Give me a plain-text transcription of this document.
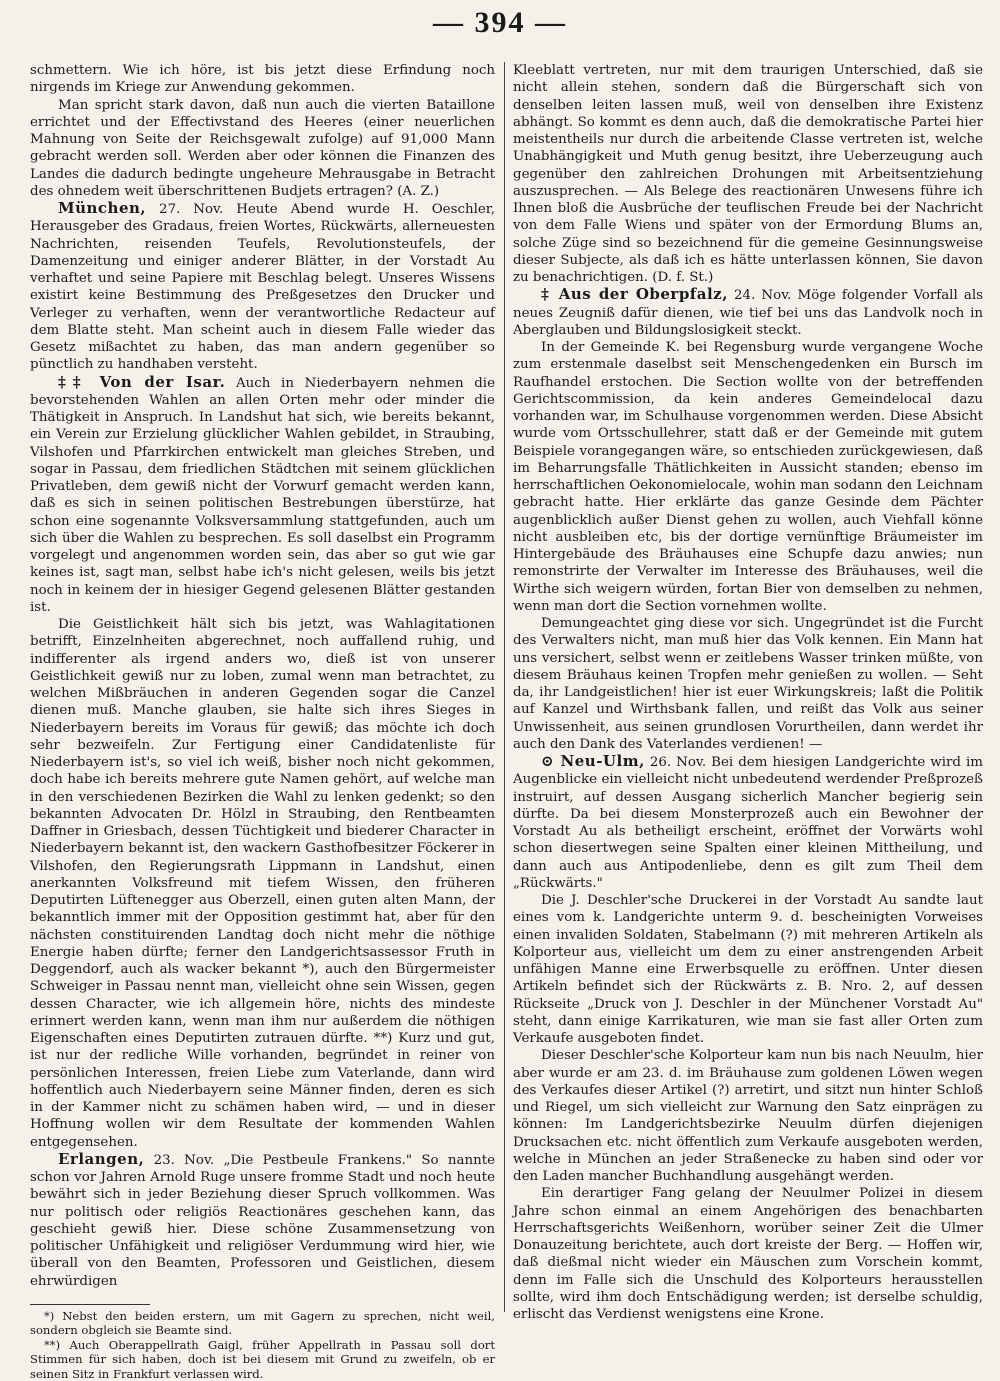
— 394 —

schmettern. Wie ich höre, ist bis jetzt diese Erfindung noch nirgends im Kriege zur Anwendung gekommen.

Man spricht stark davon, daß nun auch die vierten Bataillone errichtet und der Effectivstand des Heeres (einer neuerlichen Mahnung von Seite der Reichsgewalt zufolge) auf 91,000 Mann gebracht werden soll. Werden aber oder können die Finanzen des Landes die dadurch bedingte ungeheure Mehrausgabe in Betracht des ohnedem weit überschrittenen Budjets ertragen? (A. Z.)

München, 27. Nov. Heute Abend wurde H. Oeschler, Herausgeber des Gradaus, freien Wortes, Rückwärts, allerneuesten Nachrichten, reisenden Teufels, Revolutionsteufels, der Damenzeitung und einiger anderer Blätter, in der Vorstadt Au verhaftet und seine Papiere mit Beschlag belegt. Unseres Wissens existirt keine Bestimmung des Preßgesetzes den Drucker und Verleger zu verhaften, wenn der verantwortliche Redacteur auf dem Blatte steht. Man scheint auch in diesem Falle wieder das Gesetz mißachtet zu haben, das man andern gegenüber so pünctlich zu handhaben versteht.

‡‡ Von der Isar. Auch in Niederbayern nehmen die bevorstehenden Wahlen an allen Orten mehr oder minder die Thätigkeit in Anspruch. In Landshut hat sich, wie bereits bekannt, ein Verein zur Erzielung glücklicher Wahlen gebildet, in Straubing, Vilshofen und Pfarrkirchen entwickelt man gleiches Streben, und sogar in Passau, dem friedlichen Städtchen mit seinem glücklichen Privatleben, dem gewiß nicht der Vorwurf gemacht werden kann, daß es sich in seinen politischen Bestrebungen überstürze, hat schon eine sogenannte Volksversammlung stattgefunden, auch um sich über die Wahlen zu besprechen. Es soll daselbst ein Programm vorgelegt und angenommen worden sein, das aber so gut wie gar keines ist, sagt man, selbst habe ich's nicht gelesen, weils bis jetzt noch in keinem der in hiesiger Gegend gelesenen Blätter gestanden ist.

Die Geistlichkeit hält sich bis jetzt, was Wahlagitationen betrifft, Einzelnheiten abgerechnet, noch auffallend ruhig, und indifferenter als irgend anders wo, dieß ist von unserer Geistlichkeit gewiß nur zu loben, zumal wenn man betrachtet, zu welchen Mißbräuchen in anderen Gegenden sogar die Canzel dienen muß. Manche glauben, sie halte sich ihres Sieges in Niederbayern bereits im Voraus für gewiß; das möchte ich doch sehr bezweifeln. Zur Fertigung einer Candidatenliste für Niederbayern ist's, so viel ich weiß, bisher noch nicht gekommen, doch habe ich bereits mehrere gute Namen gehört, auf welche man in den verschiedenen Bezirken die Wahl zu lenken gedenkt; so den bekannten Advocaten Dr. Hölzl in Straubing, den Rentbeamten Daffner in Griesbach, dessen Tüchtigkeit und biederer Character in Niederbayern bekannt ist, den wackern Gasthofbesitzer Föckerer in Vilshofen, den Regierungsrath Lippmann in Landshut, einen anerkannten Volksfreund mit tiefem Wissen, den früheren Deputirten Lüftenegger aus Oberzell, einen guten alten Mann, der bekanntlich immer mit der Opposition gestimmt hat, aber für den nächsten constituirenden Landtag doch nicht mehr die nöthige Energie haben dürfte; ferner den Landgerichtsassessor Fruth in Deggendorf, auch als wacker bekannt *), auch den Bürgermeister Schweiger in Passau nennt man, vielleicht ohne sein Wissen, gegen dessen Character, wie ich allgemein höre, nichts des mindeste erinnert werden kann, wenn man ihm nur außerdem die nöthigen Eigenschaften eines Deputirten zutrauen dürfte. **) Kurz und gut, ist nur der redliche Wille vorhanden, begründet in reiner von persönlichen Interessen, freien Liebe zum Vaterlande, dann wird hoffentlich auch Niederbayern seine Männer finden, deren es sich in der Kammer nicht zu schämen haben wird, — und in dieser Hoffnung wollen wir dem Resultate der kommenden Wahlen entgegensehen.

Erlangen, 23. Nov. „Die Pestbeule Frankens." So nannte schon vor Jahren Arnold Ruge unsere fromme Stadt und noch heute bewährt sich in jeder Beziehung dieser Spruch vollkommen. Was nur politisch oder religiös Reactionäres geschehen kann, das geschieht gewiß hier. Diese schöne Zusammensetzung von politischer Unfähigkeit und religiöser Verdummung wird hier, wie überall von den Beamten, Professoren und Geistlichen, diesem ehrwürdigen

*) Nebst den beiden erstern, um mit Gagern zu sprechen, nicht weil, sondern obgleich sie Beamte sind.

**) Auch Oberappellrath Gaigl, früher Appellrath in Passau soll dort Stimmen für sich haben, doch ist bei diesem mit Grund zu zweifeln, ob er seinen Sitz in Frankfurt verlassen wird.

Kleeblatt vertreten, nur mit dem traurigen Unterschied, daß sie nicht allein stehen, sondern daß die Bürgerschaft sich von denselben leiten lassen muß, weil von denselben ihre Existenz abhängt. So kommt es denn auch, daß die demokratische Partei hier meistentheils nur durch die arbeitende Classe vertreten ist, welche Unabhängigkeit und Muth genug besitzt, ihre Ueberzeugung auch gegenüber den zahlreichen Drohungen mit Arbeitsentziehung auszusprechen. — Als Belege des reactionären Unwesens führe ich Ihnen bloß die Ausbrüche der teuflischen Freude bei der Nachricht von dem Falle Wiens und später von der Ermordung Blums an, solche Züge sind so bezeichnend für die gemeine Gesinnungsweise dieser Subjecte, als daß ich es hätte unterlassen können, Sie davon zu benachrichtigen. (D. f. St.)

‡ Aus der Oberpfalz, 24. Nov. Möge folgender Vorfall als neues Zeugniß dafür dienen, wie tief bei uns das Landvolk noch in Aberglauben und Bildungslosigkeit steckt.

In der Gemeinde K. bei Regensburg wurde vergangene Woche zum erstenmale daselbst seit Menschengedenken ein Bursch im Raufhandel erstochen. Die Section wollte von der betreffenden Gerichtscommission, da kein anderes Gemeindelocal dazu vorhanden war, im Schulhause vorgenommen werden. Diese Absicht wurde vom Ortsschullehrer, statt daß er der Gemeinde mit gutem Beispiele vorangegangen wäre, so entschieden zurückgewiesen, daß im Beharrungsfalle Thätlichkeiten in Aussicht standen; ebenso im herrschaftlichen Oekonomielocale, wohin man sodann den Leichnam gebracht hatte. Hier erklärte das ganze Gesinde dem Pächter augenblicklich außer Dienst gehen zu wollen, auch Viehfall könne nicht ausbleiben etc, bis der dortige vernünftige Bräumeister im Hintergebäude des Bräuhauses eine Schupfe dazu anwies; nun remonstrirte der Verwalter im Interesse des Bräuhauses, weil die Wirthe sich weigern würden, fortan Bier von demselben zu nehmen, wenn man dort die Section vornehmen wollte.

Demungeachtet ging diese vor sich. Ungegründet ist die Furcht des Verwalters nicht, man muß hier das Volk kennen. Ein Mann hat uns versichert, selbst wenn er zeitlebens Wasser trinken müßte, von diesem Bräuhaus keinen Tropfen mehr genießen zu wollen. — Seht da, ihr Landgeistlichen! hier ist euer Wirkungskreis; laßt die Politik auf Kanzel und Wirthsbank fallen, und reißt das Volk aus seiner Unwissenheit, aus seinen grundlosen Vorurtheilen, dann werdet ihr auch den Dank des Vaterlandes verdienen! —

⊙ Neu-Ulm, 26. Nov. Bei dem hiesigen Landgerichte wird im Augenblicke ein vielleicht nicht unbedeutend werdender Preßprozeß instruirt, auf dessen Ausgang sicherlich Mancher begierig sein dürfte. Da bei diesem Monsterprozeß auch ein Bewohner der Vorstadt Au als betheiligt erscheint, eröffnet der Vorwärts wohl schon diesertwegen seine Spalten einer kleinen Mittheilung, und dann auch aus Antipodenliebe, denn es gilt zum Theil dem „Rückwärts."

Die J. Deschler'sche Druckerei in der Vorstadt Au sandte laut eines vom k. Landgerichte unterm 9. d. bescheinigten Vorweises einen invaliden Soldaten, Stabelmann (?) mit mehreren Artikeln als Kolporteur aus, vielleicht um dem zu einer anstrengenden Arbeit unfähigen Manne eine Erwerbsquelle zu eröffnen. Unter diesen Artikeln befindet sich der Rückwärts z. B. Nro. 2, auf dessen Rückseite „Druck von J. Deschler in der Münchener Vorstadt Au" steht, dann einige Karrikaturen, wie man sie fast aller Orten zum Verkaufe ausgeboten findet.

Dieser Deschler'sche Kolporteur kam nun bis nach Neuulm, hier aber wurde er am 23. d. im Bräuhause zum goldenen Löwen wegen des Verkaufes dieser Artikel (?) arretirt, und sitzt nun hinter Schloß und Riegel, um sich vielleicht zur Warnung den Satz einprägen zu können: Im Landgerichtsbezirke Neuulm dürfen diejenigen Drucksachen etc. nicht öffentlich zum Verkaufe ausgeboten werden, welche in München an jeder Straßenecke zu haben sind oder vor den Laden mancher Buchhandlung ausgehängt werden.

Ein derartiger Fang gelang der Neuulmer Polizei in diesem Jahre schon einmal an einem Angehörigen des benachbarten Herrschaftsgerichts Weißenhorn, worüber seiner Zeit die Ulmer Donauzeitung berichtete, auch dort kreiste der Berg. — Hoffen wir, daß dießmal nicht wieder ein Mäuschen zum Vorschein kommt, denn im Falle sich die Unschuld des Kolporteurs herausstellen sollte, wird ihm doch Entschädigung werden; ist derselbe schuldig, erlischt das Verdienst wenigstens eine Krone.
